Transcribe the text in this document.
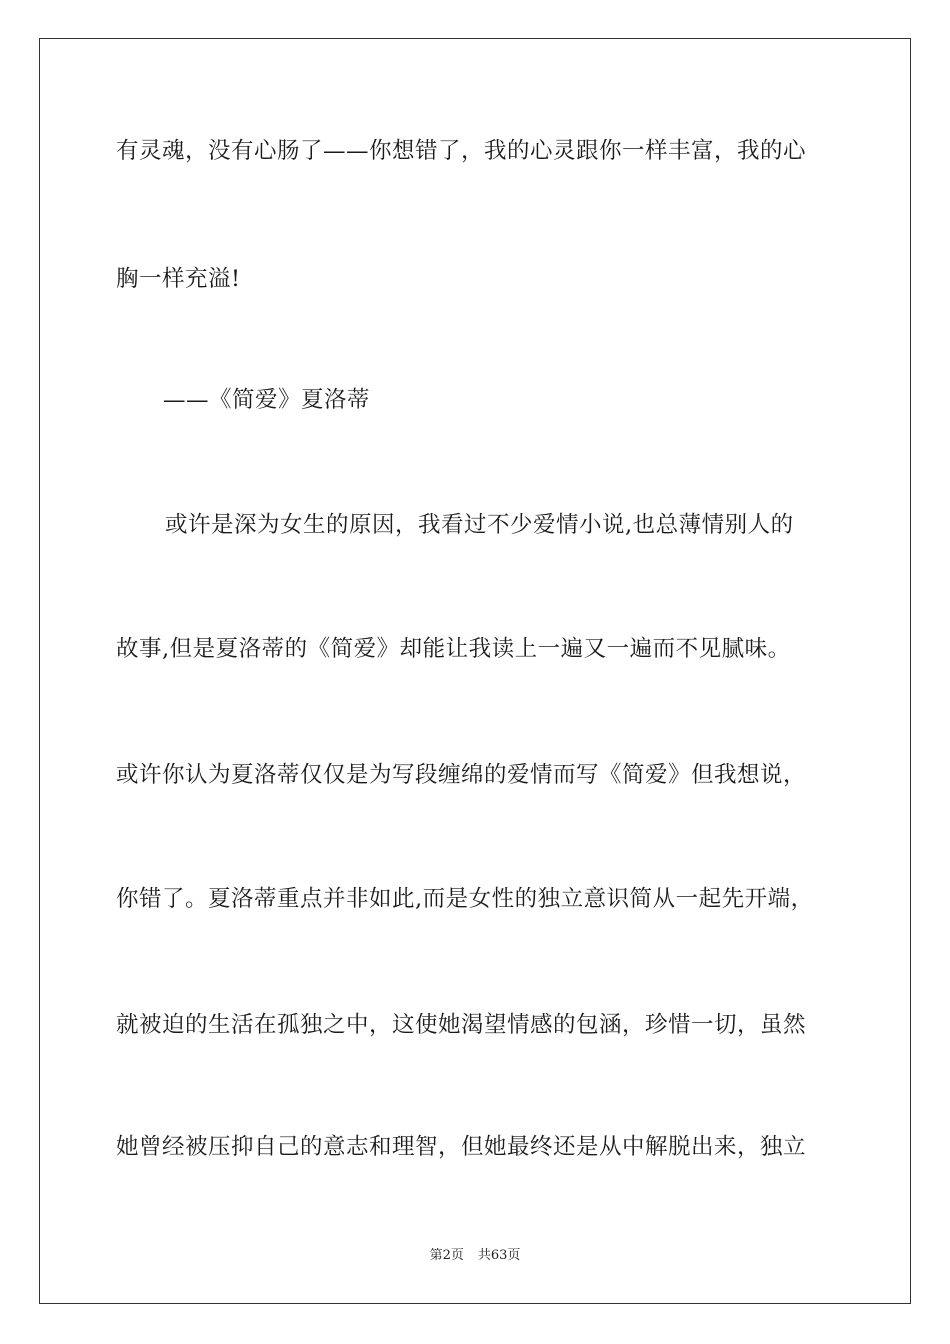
有灵魂，没有心肠了——你想错了，我的心灵跟你一样丰富，我的心
胸一样充溢!
——《简爱》夏洛蒂
或许是深为女生的原因，我看过不少爱情小说,也总薄情别人的
故事,但是夏洛蒂的《简爱》却能让我读上一遍又一遍而不见腻味。
或许你认为夏洛蒂仅仅是为写段缠绵的爱情而写《简爱》但我想说，
你错了。夏洛蒂重点并非如此,而是女性的独立意识简从一起先开端，
就被迫的生活在孤独之中，这使她渴望情感的包涵，珍惜一切，虽然
她曾经被压抑自己的意志和理智，但她最终还是从中解脱出来，独立
第2页 共63页
